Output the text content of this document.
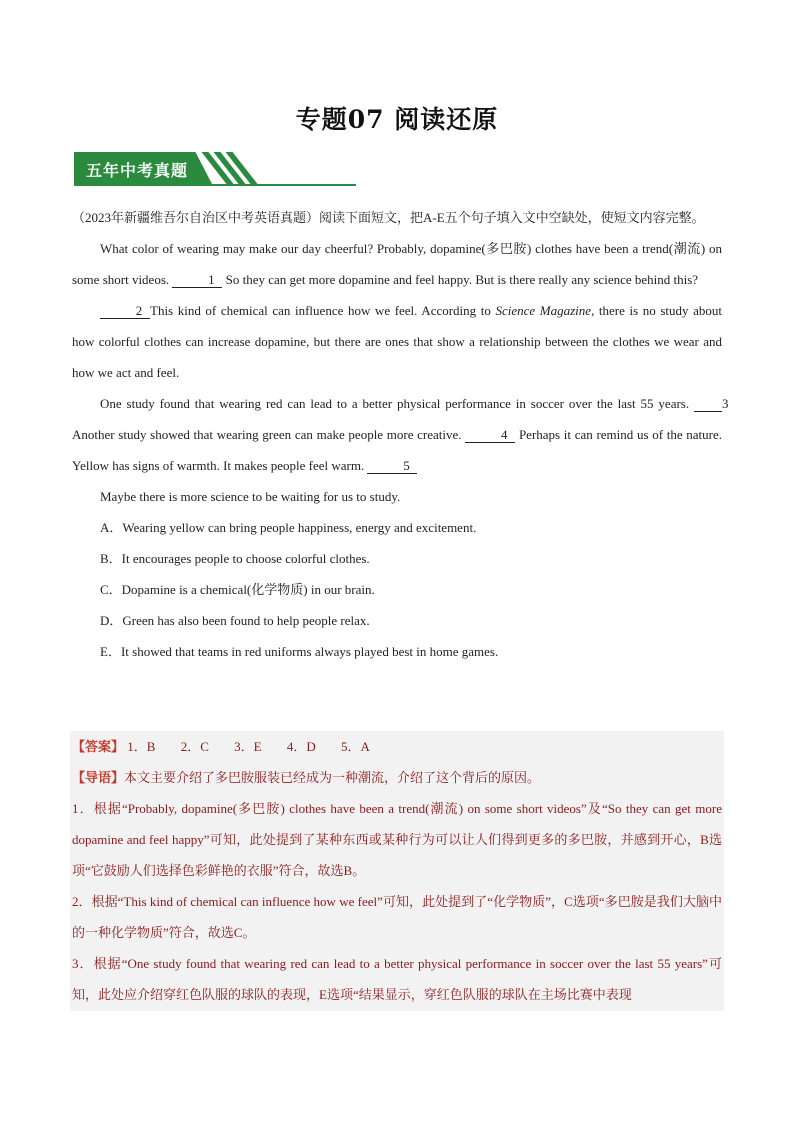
专题07 阅读还原
五年中考真题

（2023年新疆维吾尔自治区中考英语真题）阅读下面短文，把A-E五个句子填入文中空缺处，使短文内容完整。

What color of wearing may make our day cheerful? Probably, dopamine(多巴胺) clothes have been a trend(潮流) on some short videos.	1 So they can get more dopamine and feel happy. But is there really any science behind this?

2 This kind of chemical can influence how we feel. According to Science Magazine, there is no study about how colorful clothes can increase dopamine, but there are ones that show a relationship between the clothes we wear and how we act and feel.

One study found that wearing red can lead to a better physical performance in soccer over the last 55 years.	3 Another study showed that wearing green can make people more creative.	4 Perhaps it can remind us of the nature. Yellow has signs of warmth. It makes people feel warm.	5

Maybe there is more science to be waiting for us to study.

A．Wearing yellow can bring people happiness, energy and excitement.

B．It encourages people to choose colorful clothes.

C．Dopamine is a chemical(化学物质) in our brain.

D．Green has also been found to help people relax.

E．It showed that teams in red uniforms always played best in home games.

【答案】 1．B 2．C 3．E 4．D 5．A

【导语】本文主要介绍了多巴胺服装已经成为一种潮流，介绍了这个背后的原因。

1．根据“Probably, dopamine(多巴胺) clothes have been a trend(潮流) on some short videos”及“So they can get more dopamine and feel happy”可知，此处提到了某种东西或某种行为可以让人们得到更多的多巴胺，并感到开心，B选项“它鼓励人们选择色彩鲜艳的衣服”符合，故选B。

2．根据“This kind of chemical can influence how we feel”可知，此处提到了“化学物质”，C选项“多巴胺是我们大脑中的一种化学物质”符合，故选C。

3．根据“One study found that wearing red can lead to a better physical performance in soccer over the last 55 years”可知，此处应介绍穿红色队服的球队的表现，E选项“结果显示，穿红色队服的球队在主场比赛中表现
